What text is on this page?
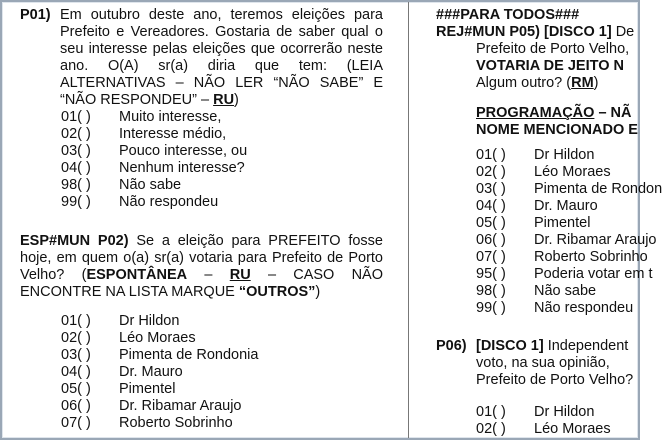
P01) Em outubro deste ano, teremos eleições para Prefeito e Vereadores. Gostaria de saber qual o seu interesse pelas eleições que ocorrerão neste ano. O(A) sr(a) diria que tem: (LEIA ALTERNATIVAS – NÃO LER “NÃO SABE” E “NÃO RESPONDEU” – RU)
01( ) Muito interesse,
02( ) Interesse médio,
03( ) Pouco interesse, ou
04( ) Nenhum interesse?
98( ) Não sabe
99( ) Não respondeu
ESP#MUN P02) Se a eleição para PREFEITO fosse hoje, em quem o(a) sr(a) votaria para Prefeito de Porto Velho? (ESPONTÂNEA – RU – CASO NÃO ENCONTRE NA LISTA MARQUE “OUTROS”)
01( ) Dr Hildon
02( ) Léo Moraes
03( ) Pimenta de Rondonia
04( ) Dr. Mauro
05( ) Pimentel
06( ) Dr. Ribamar Araujo
07( ) Roberto Sobrinho
###PARA TODOS###
REJ#MUN P05) [DISCO 1] De
Prefeito de Porto Velho,
VOTARIA DE JEITO N
Algum outro? (RM)
PROGRAMAÇÃO – NÃ
NOME MENCIONADO E
01( ) Dr Hildon
02( ) Léo Moraes
03( ) Pimenta de Rondon
04( ) Dr. Mauro
05( ) Pimentel
06( ) Dr. Ribamar Araujo
07( ) Roberto Sobrinho
95( ) Poderia votar em t
98( ) Não sabe
99( ) Não respondeu
P06) [DISCO 1] Independent
voto, na sua opinião,
Prefeito de Porto Velho?
01( ) Dr Hildon
02( ) Léo Moraes
